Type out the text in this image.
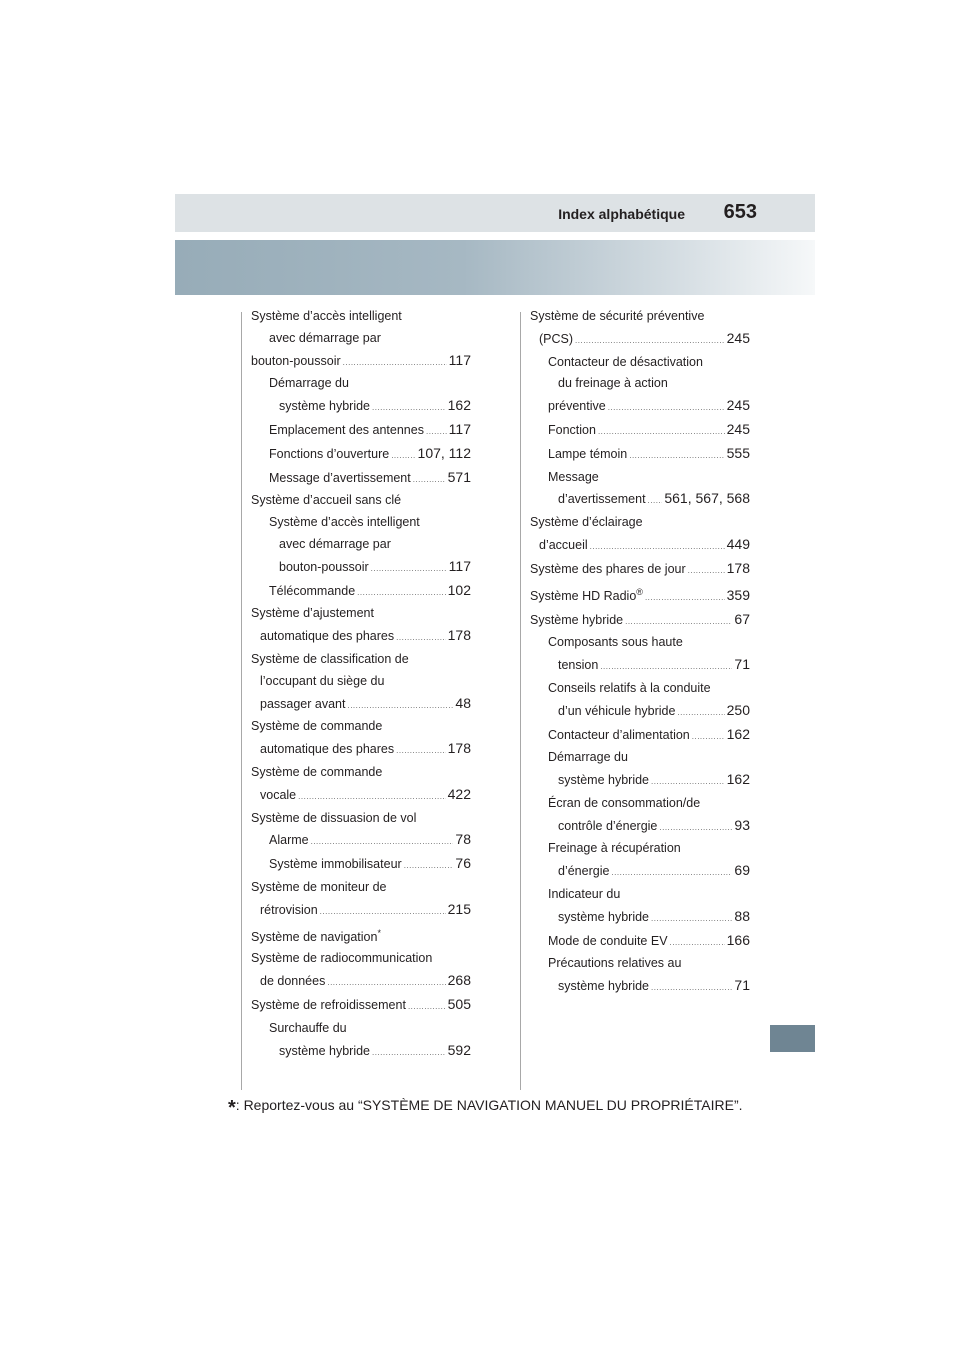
Index alphabétique 653
Système d’accès intelligent
avec démarrage par
bouton-poussoir .....	117
Démarrage du
système hybride .....	162
Emplacement des antennes ..... 117
Fonctions d’ouverture ..... 107, 112
Message d’avertissement .....	571
Système d’accueil sans clé
Système d’accès intelligent
avec démarrage par
bouton-poussoir .....	117
Télécommande .....	102
Système d’ajustement
automatique des phares .....	178
Système de classification de
l’occupant du siège du
passager avant .....	48
Système de commande
automatique des phares .....	178
Système de commande
vocale .....	422
Système de dissuasion de vol
Alarme .....	78
Système immobilisateur .....	76
Système de moniteur de
rétrovision .....	215
Système de navigation*
Système de radiocommunication
de données .....	268
Système de refroidissement .....	505
Surchauffe du
système hybride .....	592
Système de sécurité préventive
(PCS) .....	245
Contacteur de désactivation
du freinage à action
préventive .....	245
Fonction .....	245
Lampe témoin .....	555
Message
d’avertissement ..... 561, 567, 568
Système d’éclairage
d’accueil .....	449
Système des phares de jour .....	178
Système HD Radio® .....	359
Système hybride .....	67
Composants sous haute
tension .....	71
Conseils relatifs à la conduite
d’un véhicule hybride .....	250
Contacteur d’alimentation .....	162
Démarrage du
système hybride .....	162
Écran de consommation/de
contrôle d’énergie .....	93
Freinage à récupération
d’énergie .....	69
Indicateur du
système hybride .....	88
Mode de conduite EV .....	166
Précautions relatives au
système hybride .....	71
*: Reportez-vous au “SYSTÈME DE NAVIGATION MANUEL DU PROPRIÉTAIRE”.
